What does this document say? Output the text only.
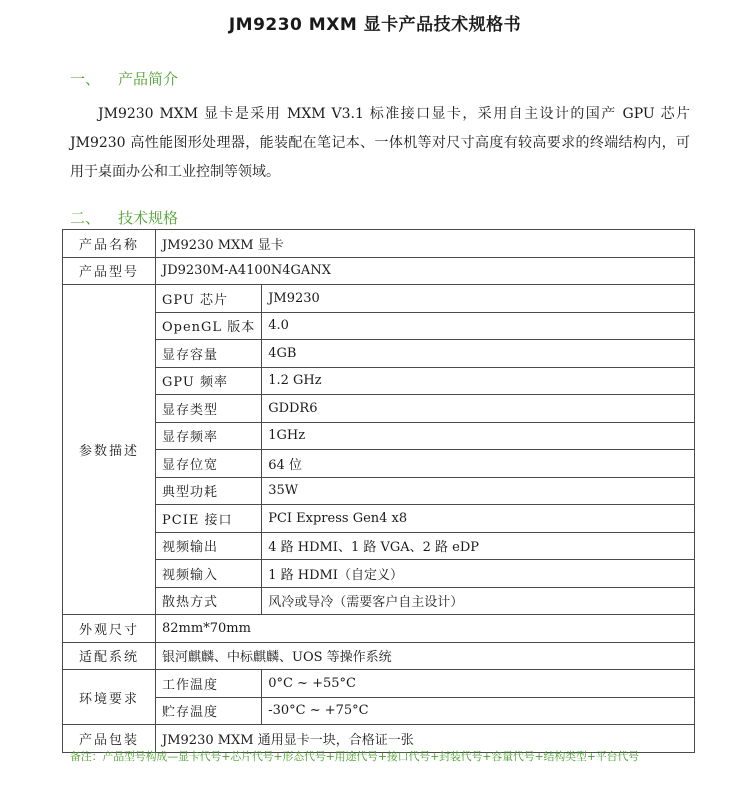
JM9230 MXM 显卡产品技术规格书
一、 产品简介
JM9230 MXM 显卡是采用 MXM V3.1 标准接口显卡，采用自主设计的国产 GPU 芯片 JM9230 高性能图形处理器，能装配在笔记本、一体机等对尺寸高度有较高要求的终端结构内，可用于桌面办公和工业控制等领域。
二、 技术规格
产品名称	JM9230 MXM 显卡	
产品型号	JD9230M-A4100N4GANX	
参数描述	GPU 芯片	JM9230
	OpenGL 版本	4.0
	显存容量	4GB
	GPU 频率	1.2 GHz
	显存类型	GDDR6
	显存频率	1GHz
	显存位宽	64 位
	典型功耗	35W
	PCIE 接口	PCI Express Gen4 x8
	视频输出	4 路 HDMI、1 路 VGA、2 路 eDP
	视频输入	1 路 HDMI（自定义）
	散热方式	风冷或导冷（需要客户自主设计）
外观尺寸	82mm*70mm	
适配系统	银河麒麟、中标麒麟、UOS 等操作系统	
环境要求	工作温度	0°C ~ +55°C
	贮存温度	-30°C ~ +75°C
产品包装	JM9230 MXM 通用显卡一块，合格证一张	
备注：产品型号构成—显卡代号+芯片代号+形态代号+用途代号+接口代号+封装代号+容量代号+结构类型+平台代号
